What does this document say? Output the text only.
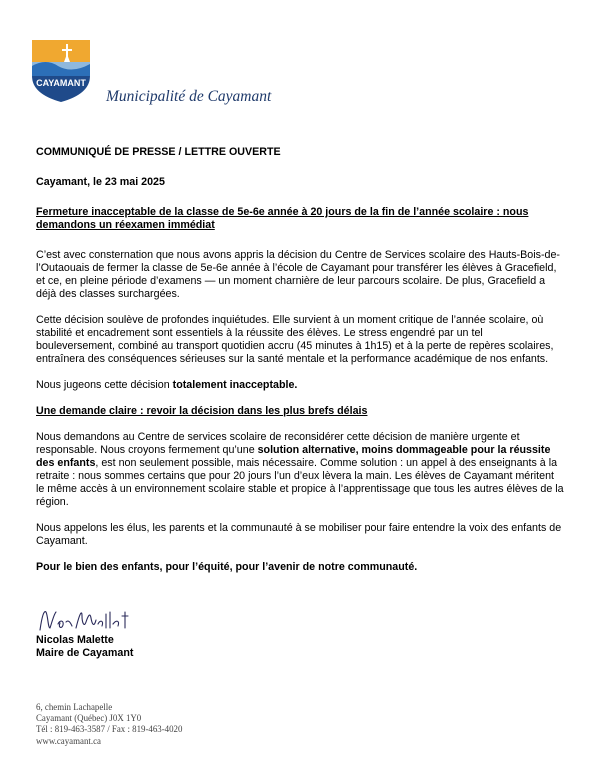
CAYAMANT
Municipalité de Cayamant

COMMUNIQUÉ DE PRESSE / LETTRE OUVERTE

Cayamant, le 23 mai 2025

Fermeture inacceptable de la classe de 5e-6e année à 20 jours de la fin de l’année scolaire : nous demandons un réexamen immédiat

C’est avec consternation que nous avons appris la décision du Centre de Services scolaire des Hauts-Bois-de-l’Outaouais de fermer la classe de 5e-6e année à l’école de Cayamant pour transférer les élèves à Gracefield, et ce, en pleine période d’examens — un moment charnière de leur parcours scolaire. De plus, Gracefield a déjà des classes surchargées.

Cette décision soulève de profondes inquiétudes. Elle survient à un moment critique de l’année scolaire, où stabilité et encadrement sont essentiels à la réussite des élèves. Le stress engendré par un tel bouleversement, combiné au transport quotidien accru (45 minutes à 1h15) et à la perte de repères scolaires, entraînera des conséquences sérieuses sur la santé mentale et la performance académique de nos enfants.

Nous jugeons cette décision totalement inacceptable.

Une demande claire : revoir la décision dans les plus brefs délais

Nous demandons au Centre de services scolaire de reconsidérer cette décision de manière urgente et responsable. Nous croyons fermement qu’une solution alternative, moins dommageable pour la réussite des enfants, est non seulement possible, mais nécessaire. Comme solution : un appel à des enseignants à la retraite : nous sommes certains que pour 20 jours l’un d’eux lèvera la main. Les élèves de Cayamant méritent le même accès à un environnement scolaire stable et propice à l’apprentissage que tous les autres élèves de la région.

Nous appelons les élus, les parents et la communauté à se mobiliser pour faire entendre la voix des enfants de Cayamant.

Pour le bien des enfants, pour l’équité, pour l’avenir de notre communauté.

Nicolas Malette
Maire de Cayamant
6, chemin Lachapelle
Cayamant (Québec) J0X 1Y0
Tél : 819-463-3587 / Fax : 819-463-4020
www.cayamant.ca
